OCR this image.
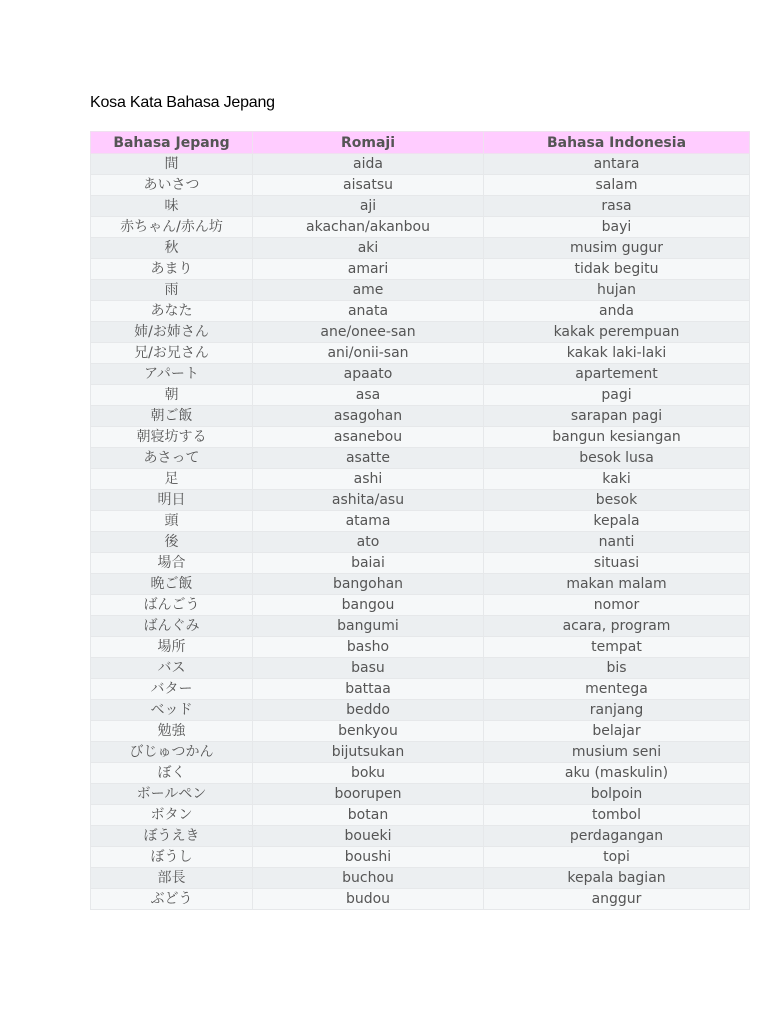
Kosa Kata Bahasa Jepang
Bahasa Jepang	Romaji	Bahasa Indonesia
間	aida	antara
あいさつ	aisatsu	salam
味	aji	rasa
赤ちゃん/赤ん坊	akachan/akanbou	bayi
秋	aki	musim gugur
あまり	amari	tidak begitu
雨	ame	hujan
あなた	anata	anda
姉/お姉さん	ane/onee-san	kakak perempuan
兄/お兄さん	ani/onii-san	kakak laki-laki
アパート	apaato	apartement
朝	asa	pagi
朝ご飯	asagohan	sarapan pagi
朝寝坊する	asanebou	bangun kesiangan
あさって	asatte	besok lusa
足	ashi	kaki
明日	ashita/asu	besok
頭	atama	kepala
後	ato	nanti
場合	baiai	situasi
晩ご飯	bangohan	makan malam
ばんごう	bangou	nomor
ばんぐみ	bangumi	acara, program
場所	basho	tempat
バス	basu	bis
バター	battaa	mentega
ベッド	beddo	ranjang
勉強	benkyou	belajar
びじゅつかん	bijutsukan	musium seni
ぼく	boku	aku (maskulin)
ボールペン	boorupen	bolpoin
ボタン	botan	tombol
ぼうえき	boueki	perdagangan
ぼうし	boushi	topi
部長	buchou	kepala bagian
ぶどう	budou	anggur
